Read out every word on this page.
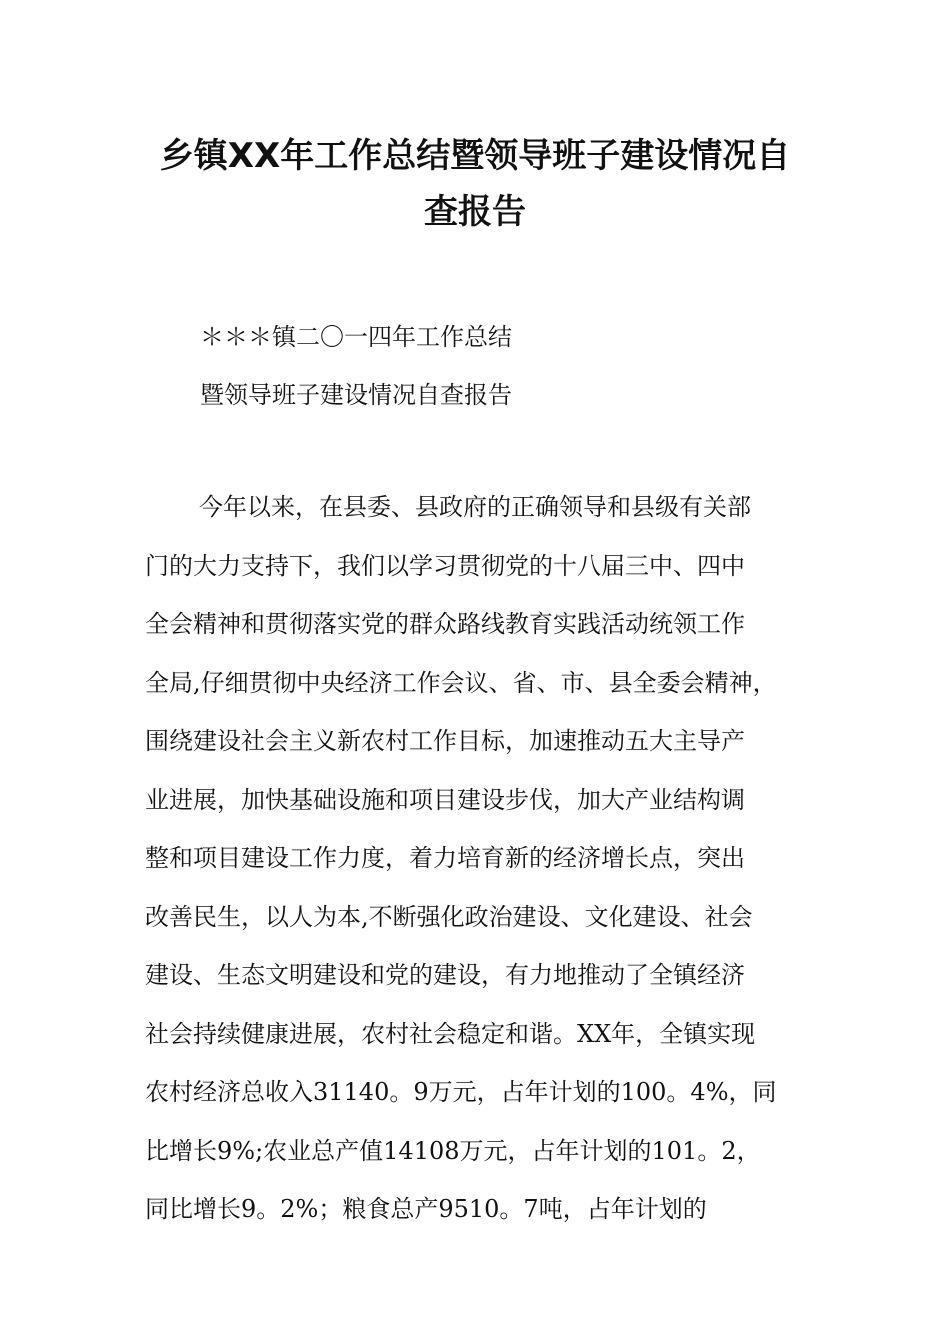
乡镇XX年工作总结暨领导班子建设情况自
查报告
＊＊＊镇二〇一四年工作总结
暨领导班子建设情况自查报告
今年以来，在县委、县政府的正确领导和县级有关部
门的大力支持下，我们以学习贯彻党的十八届三中、四中
全会精神和贯彻落实党的群众路线教育实践活动统领工作
全局,仔细贯彻中央经济工作会议、省、市、县全委会精神，
围绕建设社会主义新农村工作目标，加速推动五大主导产
业进展，加快基础设施和项目建设步伐，加大产业结构调
整和项目建设工作力度，着力培育新的经济增长点，突出
改善民生，以人为本,不断强化政治建设、文化建设、社会
建设、生态文明建设和党的建设，有力地推动了全镇经济
社会持续健康进展，农村社会稳定和谐。XX年，全镇实现
农村经济总收入31140。9万元，占年计划的100。4%，同
比增长9%;农业总产值14108万元，占年计划的101。2，
同比增长9。2%；粮食总产9510。7吨，占年计划的
